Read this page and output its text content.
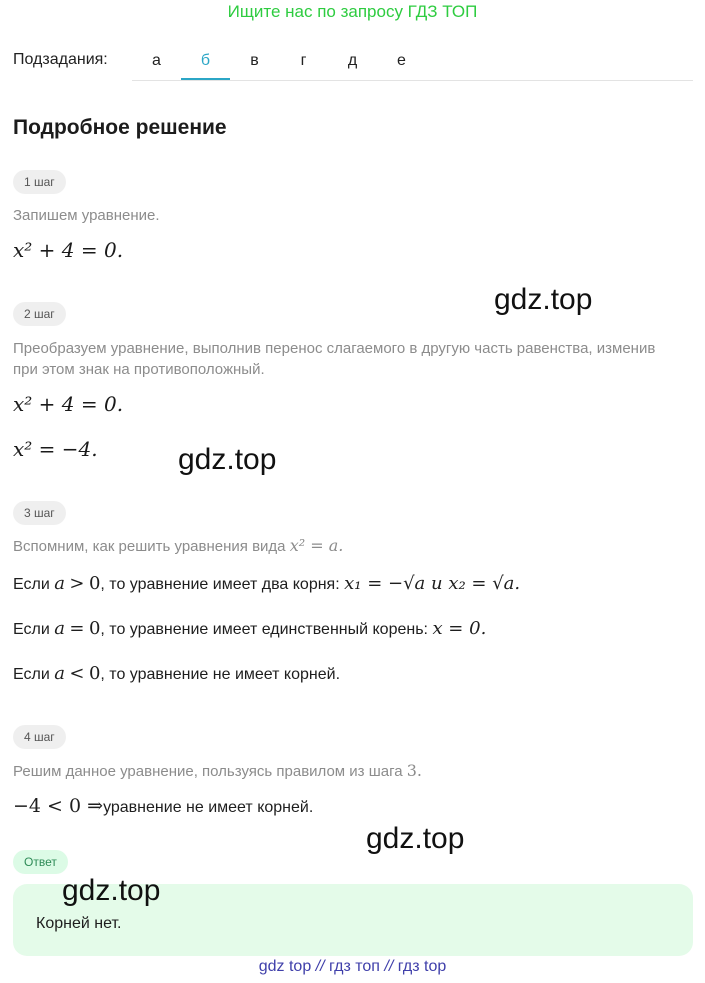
Ищите нас по запросу ГДЗ ТОП
Подзадания:	а	б	в	г	д	е
Подробное решение
1 шаг
Запишем уравнение.
x² + 4 = 0.
2 шаг
Преобразуем уравнение, выполнив перенос слагаемого в другую часть равенства, изменив при этом знак на противоположный.
x² + 4 = 0.
x² = −4.
3 шаг
Вспомним, как решить уравнения вида x² = a.
Если a > 0, то уравнение имеет два корня: x₁ = −√a и x₂ = √a.
Если a = 0, то уравнение имеет единственный корень: x = 0.
Если a < 0, то уравнение не имеет корней.
4 шаг
Решим данное уравнение, пользуясь правилом из шага 3.
−4 < 0 ⇒уравнение не имеет корней.
Ответ
Корней нет.
gdz.top
gdz.top
gdz.top
gdz.top
gdz top // гдз топ // гдз top
